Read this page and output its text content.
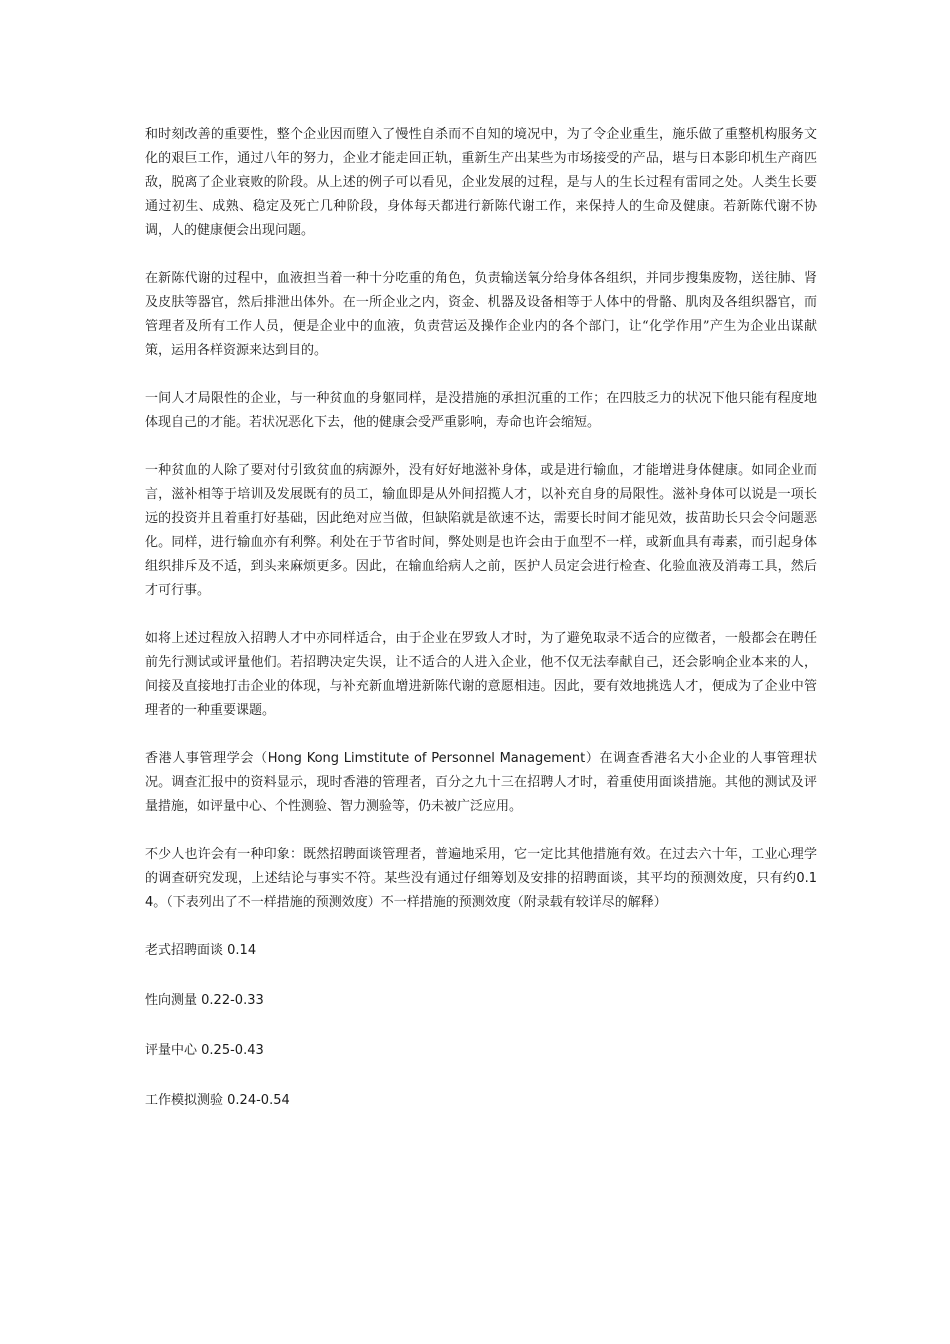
和时刻改善的重要性，整个企业因而堕入了慢性自杀而不自知的境况中，为了令企业重生，施乐做了重整机构服务文化的艰巨工作，通过八年的努力，企业才能走回正轨，重新生产出某些为市场接受的产品，堪与日本影印机生产商匹敌，脱离了企业衰败的阶段。从上述的例子可以看见，企业发展的过程，是与人的生长过程有雷同之处。人类生长要通过初生、成熟、稳定及死亡几种阶段，身体每天都进行新陈代谢工作，来保持人的生命及健康。若新陈代谢不协调，人的健康便会出现问题。

在新陈代谢的过程中，血液担当着一种十分吃重的角色，负责输送氧分给身体各组织，并同步搜集废物，送往肺、肾及皮肤等器官，然后排泄出体外。在一所企业之内，资金、机器及设备相等于人体中的骨骼、肌肉及各组织器官，而管理者及所有工作人员，便是企业中的血液，负责营运及操作企业内的各个部门，让“化学作用”产生为企业出谋献策，运用各样资源来达到目的。

一间人才局限性的企业，与一种贫血的身躯同样，是没措施的承担沉重的工作；在四肢乏力的状况下他只能有程度地体现自己的才能。若状况恶化下去，他的健康会受严重影响，寿命也许会缩短。

一种贫血的人除了要对付引致贫血的病源外，没有好好地滋补身体，或是进行输血，才能增进身体健康。如同企业而言，滋补相等于培训及发展既有的员工，输血即是从外间招揽人才，以补充自身的局限性。滋补身体可以说是一项长远的投资并且着重打好基础，因此绝对应当做，但缺陷就是欲速不达，需要长时间才能见效，拔苗助长只会令问题恶化。同样，进行输血亦有利弊。利处在于节省时间，弊处则是也许会由于血型不一样，或新血具有毒素，而引起身体组织排斥及不适，到头来麻烦更多。因此，在输血给病人之前，医护人员定会进行检查、化验血液及消毒工具，然后才可行事。

如将上述过程放入招聘人才中亦同样适合，由于企业在罗致人才时，为了避免取录不适合的应徵者，一般都会在聘任前先行测试或评量他们。若招聘决定失误，让不适合的人进入企业，他不仅无法奉献自己，还会影响企业本来的人，间接及直接地打击企业的体现，与补充新血增进新陈代谢的意愿相违。因此，要有效地挑选人才，便成为了企业中管理者的一种重要课题。

香港人事管理学会（Hong Kong Limstitute of Personnel Management）在调查香港名大小企业的人事管理状况。调查汇报中的资料显示，现时香港的管理者，百分之九十三在招聘人才时，着重使用面谈措施。其他的测试及评量措施，如评量中心、个性测验、智力测验等，仍未被广泛应用。

不少人也许会有一种印象：既然招聘面谈管理者，普遍地采用，它一定比其他措施有效。在过去六十年，工业心理学的调查研究发现，上述结论与事实不符。某些没有通过仔细筹划及安排的招聘面谈，其平均的预测效度，只有约0.14。（下表列出了不一样措施的预测效度）不一样措施的预测效度（附录载有较详尽的解释）

老式招聘面谈 0.14

性向测量 0.22-0.33

评量中心 0.25-0.43

工作模拟测验 0.24-0.54
